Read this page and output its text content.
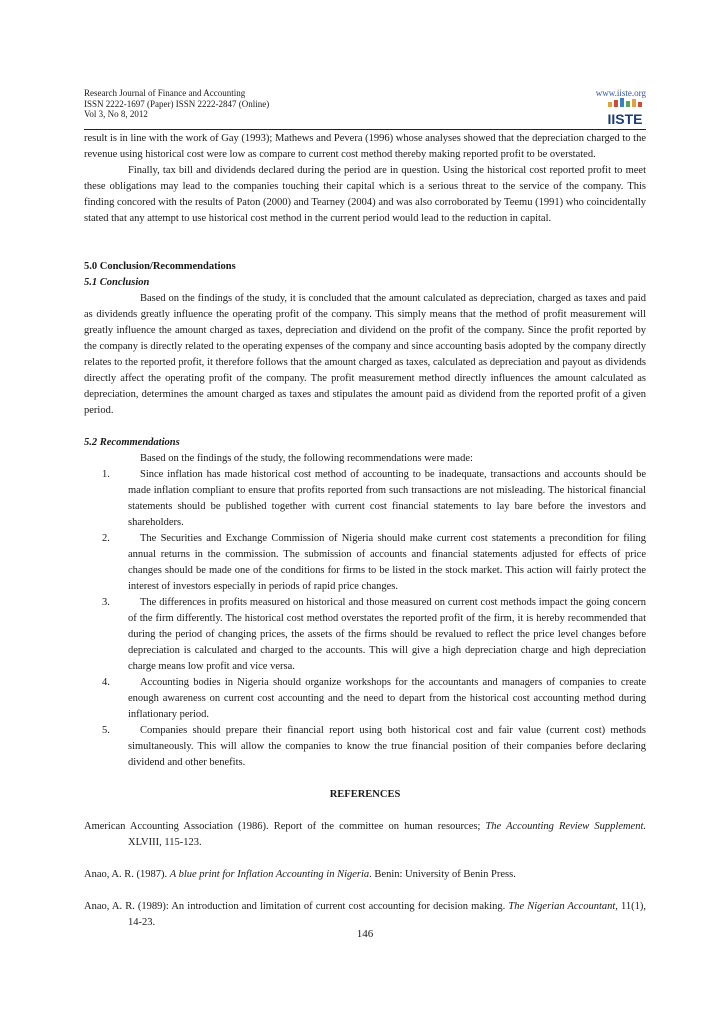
Research Journal of Finance and Accounting
ISSN 2222-1697 (Paper) ISSN 2222-2847 (Online)
Vol 3, No 8, 2012
www.iiste.org
IISTE

result is in line with the work of Gay (1993); Mathews and Pevera (1996) whose analyses showed that the depreciation charged to the revenue using historical cost were low as compare to current cost method thereby making reported profit to be overstated.

Finally, tax bill and dividends declared during the period are in question. Using the historical cost reported profit to meet these obligations may lead to the companies touching their capital which is a serious threat to the service of the company. This finding concored with the results of Paton (2000) and Tearney (2004) and was also corroborated by Teemu (1991) who coincidentally stated that any attempt to use historical cost method in the current period would lead to the reduction in capital.

5.0 Conclusion/Recommendations

5.1 Conclusion

Based on the findings of the study, it is concluded that the amount calculated as depreciation, charged as taxes and paid as dividends greatly influence the operating profit of the company. This simply means that the method of profit measurement will greatly influence the amount charged as taxes, depreciation and dividend on the profit of the company. Since the profit reported by the company is directly related to the operating expenses of the company and since accounting basis adopted by the company directly relates to the reported profit, it therefore follows that the amount charged as taxes, calculated as depreciation and payout as dividends directly affect the operating profit of the company. The profit measurement method directly influences the amount calculated as depreciation, determines the amount charged as taxes and stipulates the amount paid as dividend from the reported profit of a given period.

5.2 Recommendations

Based on the findings of the study, the following recommendations were made:

1.	Since inflation has made historical cost method of accounting to be inadequate, transactions and accounts should be made inflation compliant to ensure that profits reported from such transactions are not misleading. The historical financial statements should be published together with current cost financial statements to lay bare before the investors and shareholders.
2.	The Securities and Exchange Commission of Nigeria should make current cost statements a precondition for filing annual returns in the commission. The submission of accounts and financial statements adjusted for effects of price changes should be made one of the conditions for firms to be listed in the stock market. This action will fairly protect the interest of investors especially in periods of rapid price changes.
3.	The differences in profits measured on historical and those measured on current cost methods impact the going concern of the firm differently. The historical cost method overstates the reported profit of the firm, it is hereby recommended that during the period of changing prices, the assets of the firms should be revalued to reflect the price level changes before depreciation is calculated and charged to the accounts. This will give a high depreciation charge and high depreciation charge means low profit and vice versa.
4.	Accounting bodies in Nigeria should organize workshops for the accountants and managers of companies to create enough awareness on current cost accounting and the need to depart from the historical cost accounting method during inflationary period.
5.	Companies should prepare their financial report using both historical cost and fair value (current cost) methods simultaneously. This will allow the companies to know the true financial position of their companies before declaring dividend and other benefits.

REFERENCES

American Accounting Association (1986). Report of the committee on human resources; The Accounting Review Supplement. XLVIII, 115-123.

Anao, A. R. (1987). A blue print for Inflation Accounting in Nigeria. Benin: University of Benin Press.

Anao, A. R. (1989): An introduction and limitation of current cost accounting for decision making. The Nigerian Accountant, 11(1), 14-23.

146
